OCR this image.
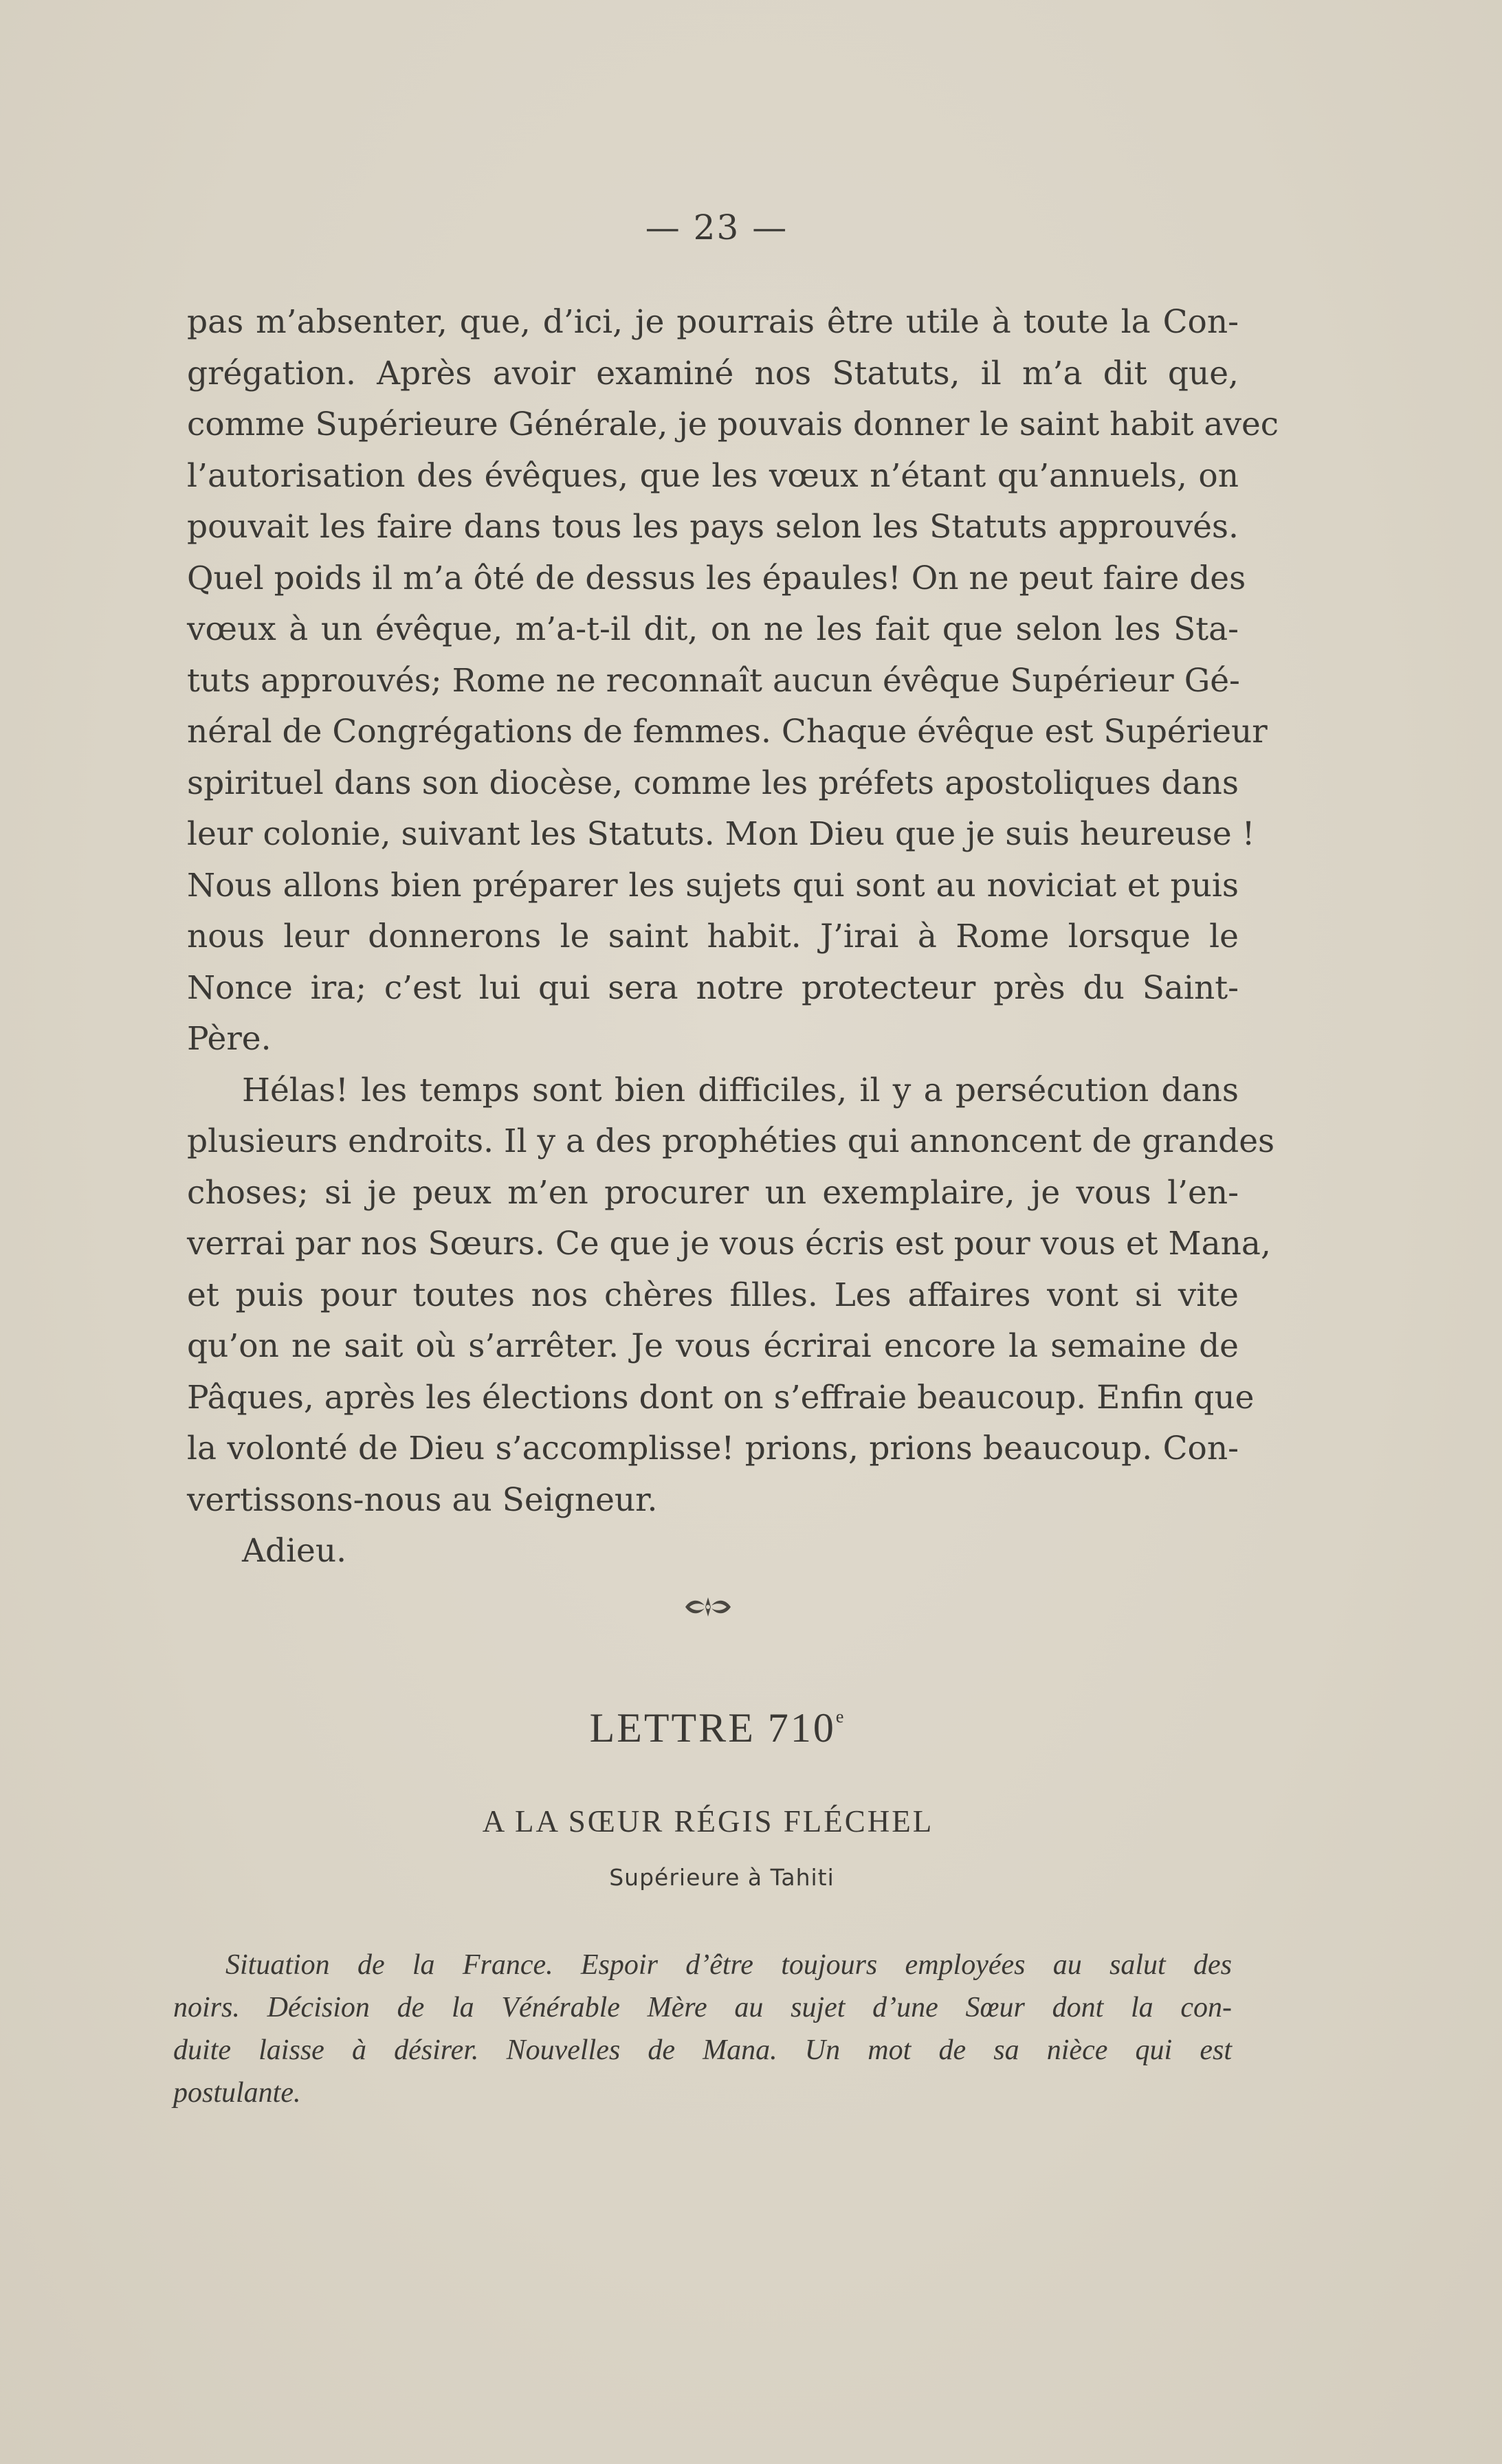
— 23 —
pas m’absenter, que, d’ici, je pourrais être utile à toute la Con-
grégation. Après avoir examiné nos Statuts, il m’a dit que,
comme Supérieure Générale, je pouvais donner le saint habit avec
l’autorisation des évêques, que les vœux n’étant qu’annuels, on
pouvait les faire dans tous les pays selon les Statuts approuvés.
Quel poids il m’a ôté de dessus les épaules! On ne peut faire des
vœux à un évêque, m’a-t-il dit, on ne les fait que selon les Sta-
tuts approuvés; Rome ne reconnaît aucun évêque Supérieur Gé-
néral de Congrégations de femmes. Chaque évêque est Supérieur
spirituel dans son diocèse, comme les préfets apostoliques dans
leur colonie, suivant les Statuts. Mon Dieu que je suis heureuse !
Nous allons bien préparer les sujets qui sont au noviciat et puis
nous leur donnerons le saint habit. J’irai à Rome lorsque le
Nonce ira; c’est lui qui sera notre protecteur près du Saint-
Père.
Hélas! les temps sont bien difficiles, il y a persécution dans
plusieurs endroits. Il y a des prophéties qui annoncent de grandes
choses; si je peux m’en procurer un exemplaire, je vous l’en-
verrai par nos Sœurs. Ce que je vous écris est pour vous et Mana,
et puis pour toutes nos chères filles. Les affaires vont si vite
qu’on ne sait où s’arrêter. Je vous écrirai encore la semaine de
Pâques, après les élections dont on s’effraie beaucoup. Enfin que
la volonté de Dieu s’accomplisse! prions, prions beaucoup. Con-
vertissons-nous au Seigneur.
Adieu.
LETTRE 710e
A LA SŒUR RÉGIS FLÉCHEL
Supérieure à Tahiti
Situation de la France. Espoir d’être toujours employées au salut des
noirs. Décision de la Vénérable Mère au sujet d’une Sœur dont la con-
duite laisse à désirer. Nouvelles de Mana. Un mot de sa nièce qui est
postulante.
